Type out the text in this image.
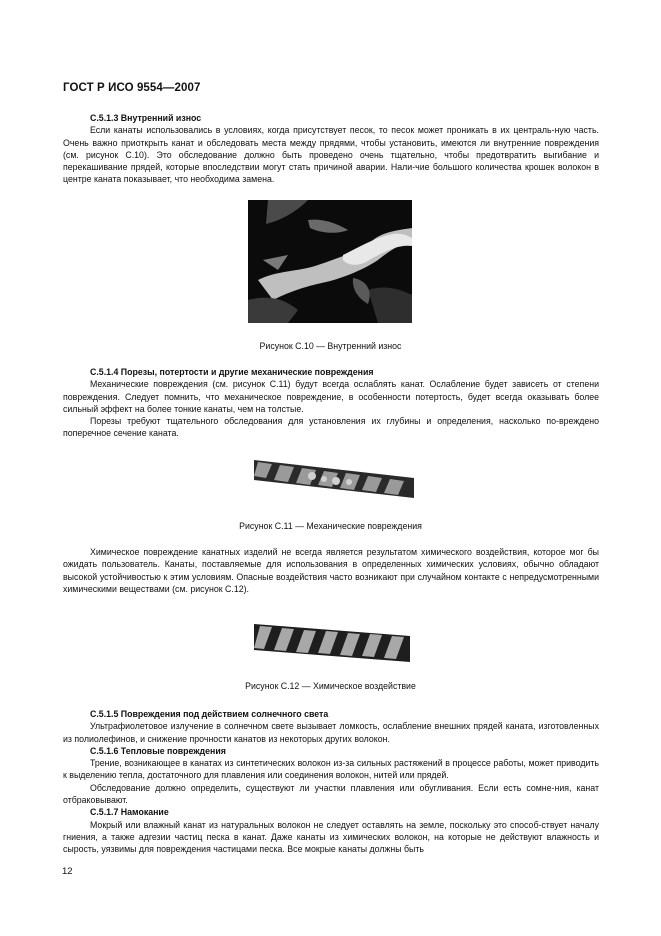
ГОСТ Р ИСО 9554—2007

С.5.1.3 Внутренний износ

Если канаты использовались в условиях, когда присутствует песок, то песок может проникать в их централь-ную часть. Очень важно приоткрыть канат и обследовать места между прядями, чтобы установить, имеются ли внутренние повреждения (см. рисунок С.10). Это обследование должно быть проведено очень тщательно, чтобы предотвратить выгибание и перекашивание прядей, которые впоследствии могут стать причиной аварии. Нали-чие большого количества крошек волокон в центре каната показывает, что необходима замена.

Рисунок С.10 — Внутренний износ

С.5.1.4 Порезы, потертости и другие механические повреждения

Механические повреждения (см. рисунок С.11) будут всегда ослаблять канат. Ослабление будет зависеть от степени повреждения. Следует помнить, что механическое повреждение, в особенности потертость, будет всегда оказывать более сильный эффект на более тонкие канаты, чем на толстые.

Порезы требуют тщательного обследования для установления их глубины и определения, насколько по-вреждено поперечное сечение каната.

Рисунок С.11 — Механические повреждения

Химическое повреждение канатных изделий не всегда является результатом химического воздействия, которое мог бы ожидать пользователь. Канаты, поставляемые для использования в определенных химических условиях, обычно обладают высокой устойчивостью к этим условиям. Опасные воздействия часто возникают при случайном контакте с непредусмотренными химическими веществами (см. рисунок С.12).

Рисунок С.12 — Химическое воздействие

С.5.1.5 Повреждения под действием солнечного света

Ультрафиолетовое излучение в солнечном свете вызывает ломкость, ослабление внешних прядей каната, изготовленных из полиолефинов, и снижение прочности канатов из некоторых других волокон.

С.5.1.6 Тепловые повреждения

Трение, возникающее в канатах из синтетических волокон из-за сильных растяжений в процессе работы, может приводить к выделению тепла, достаточного для плавления или соединения волокон, нитей или прядей.

Обследование должно определить, существуют ли участки плавления или обугливания. Если есть сомне-ния, канат отбраковывают.

С.5.1.7 Намокание

Мокрый или влажный канат из натуральных волокон не следует оставлять на земле, поскольку это способ-ствует началу гниения, а также адгезии частиц песка в канат. Даже канаты из химических волокон, на которые не действуют влажность и сырость, уязвимы для повреждения частицами песка. Все мокрые канаты должны быть

12
